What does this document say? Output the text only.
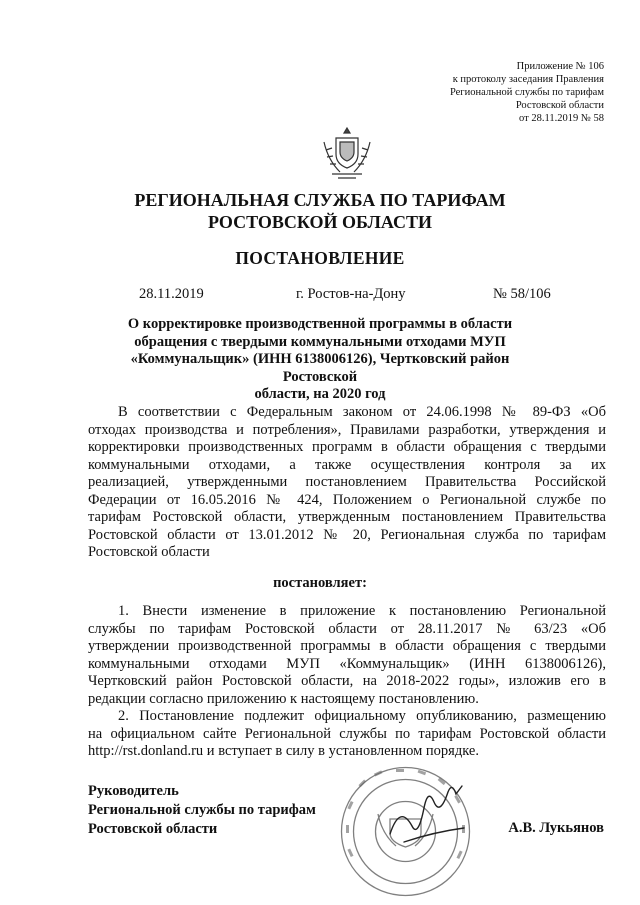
Приложение № 106
к протоколу заседания Правления
Региональной службы по тарифам
Ростовской области
от 28.11.2019 № 58
РЕГИОНАЛЬНАЯ СЛУЖБА ПО ТАРИФАМ
РОСТОВСКОЙ ОБЛАСТИ
ПОСТАНОВЛЕНИЕ
28.11.2019	г. Ростов-на-Дону	№ 58/106
О корректировке производственной программы в области
обращения с твердыми коммунальными отходами МУП
«Коммунальщик» (ИНН 6138006126), Чертковский район Ростовской
области, на 2020 год
В соответствии с Федеральным законом от 24.06.1998 № 89-ФЗ «Об
отходах производства и потребления», Правилами разработки, утверждения и
корректировки производственных программ в области обращения с твердыми
коммунальными отходами, а также осуществления контроля за их
реализацией, утвержденными постановлением Правительства Российской
Федерации от 16.05.2016 № 424, Положением о Региональной службе по
тарифам Ростовской области, утвержденным постановлением Правительства
Ростовской области от 13.01.2012 № 20, Региональная служба по тарифам
Ростовской области
постановляет:
1. Внести изменение в приложение к постановлению Региональной
службы по тарифам Ростовской области от 28.11.2017 № 63/23 «Об
утверждении производственной программы в области обращения с твердыми
коммунальными отходами МУП «Коммунальщик» (ИНН 6138006126),
Чертковский район Ростовской области, на 2018-2022 годы», изложив его в
редакции согласно приложению к настоящему постановлению.
2. Постановление подлежит официальному опубликованию, размещению
на официальном сайте Региональной службы по тарифам Ростовской области
http://rst.donland.ru и вступает в силу в установленном порядке.
Руководитель
Региональной службы по тарифам
Ростовской области	А.В. Лукьянов
